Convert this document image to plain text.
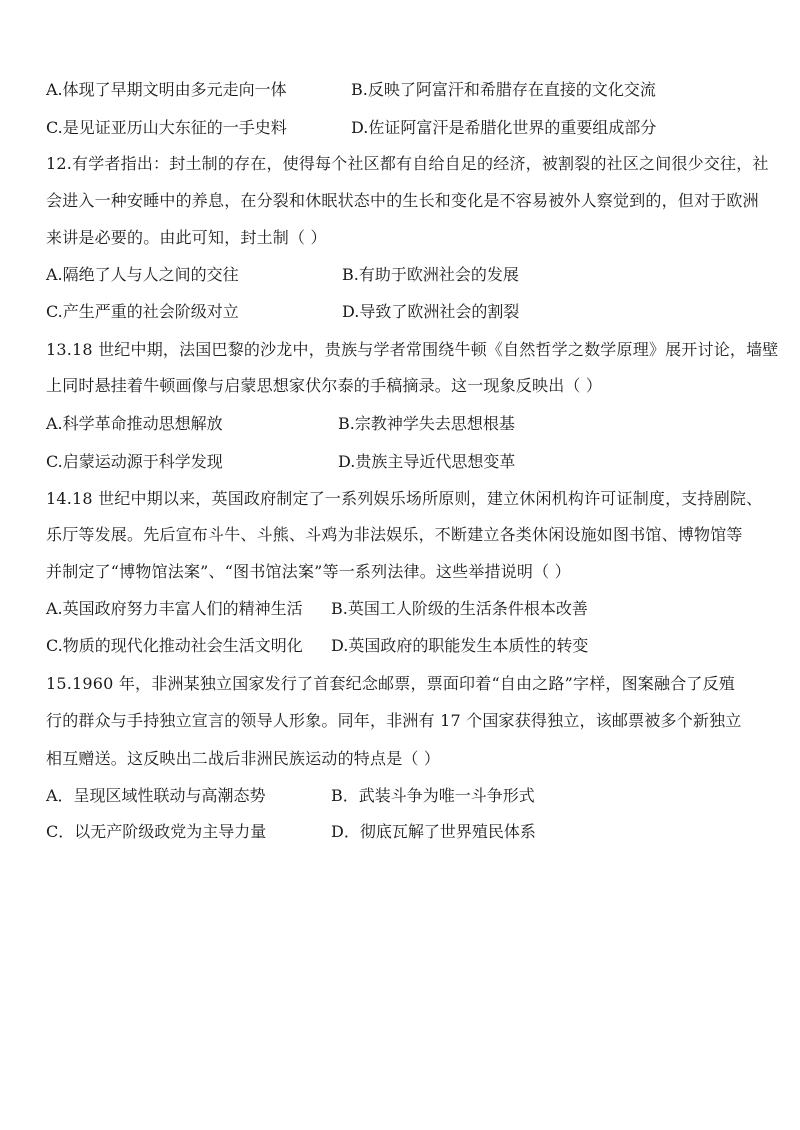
A.体现了早期文明由多元走向一体	B.反映了阿富汗和希腊存在直接的文化交流
C.是见证亚历山大东征的一手史料	D.佐证阿富汗是希腊化世界的重要组成部分
12.有学者指出：封土制的存在，使得每个社区都有自给自足的经济，被割裂的社区之间很少交往，社
会进入一种安睡中的养息，在分裂和休眠状态中的生长和变化是不容易被外人察觉到的，但对于欧洲
来讲是必要的。由此可知，封土制（ ）
A.隔绝了人与人之间的交往	B.有助于欧洲社会的发展
C.产生严重的社会阶级对立	D.导致了欧洲社会的割裂
13.18 世纪中期，法国巴黎的沙龙中，贵族与学者常围绕牛顿《自然哲学之数学原理》展开讨论，墙壁
上同时悬挂着牛顿画像与启蒙思想家伏尔泰的手稿摘录。这一现象反映出（ ）
A.科学革命推动思想解放	B.宗教神学失去思想根基
C.启蒙运动源于科学发现	D.贵族主导近代思想变革
14.18 世纪中期以来，英国政府制定了一系列娱乐场所原则，建立休闲机构许可证制度，支持剧院、
乐厅等发展。先后宣布斗牛、斗熊、斗鸡为非法娱乐，不断建立各类休闲设施如图书馆、博物馆等
并制定了“博物馆法案”、“图书馆法案”等一系列法律。这些举措说明（ ）
A.英国政府努力丰富人们的精神生活 B.英国工人阶级的生活条件根本改善
C.物质的现代化推动社会生活文明化 D.英国政府的职能发生本质性的转变
15.1960 年，非洲某独立国家发行了首套纪念邮票，票面印着“自由之路”字样，图案融合了反殖
行的群众与手持独立宣言的领导人形象。同年，非洲有 17 个国家获得独立，该邮票被多个新独立
相互赠送。这反映出二战后非洲民族运动的特点是（ ）
A．呈现区域性联动与高潮态势	B．武装斗争为唯一斗争形式
C．以无产阶级政党为主导力量	D．彻底瓦解了世界殖民体系
